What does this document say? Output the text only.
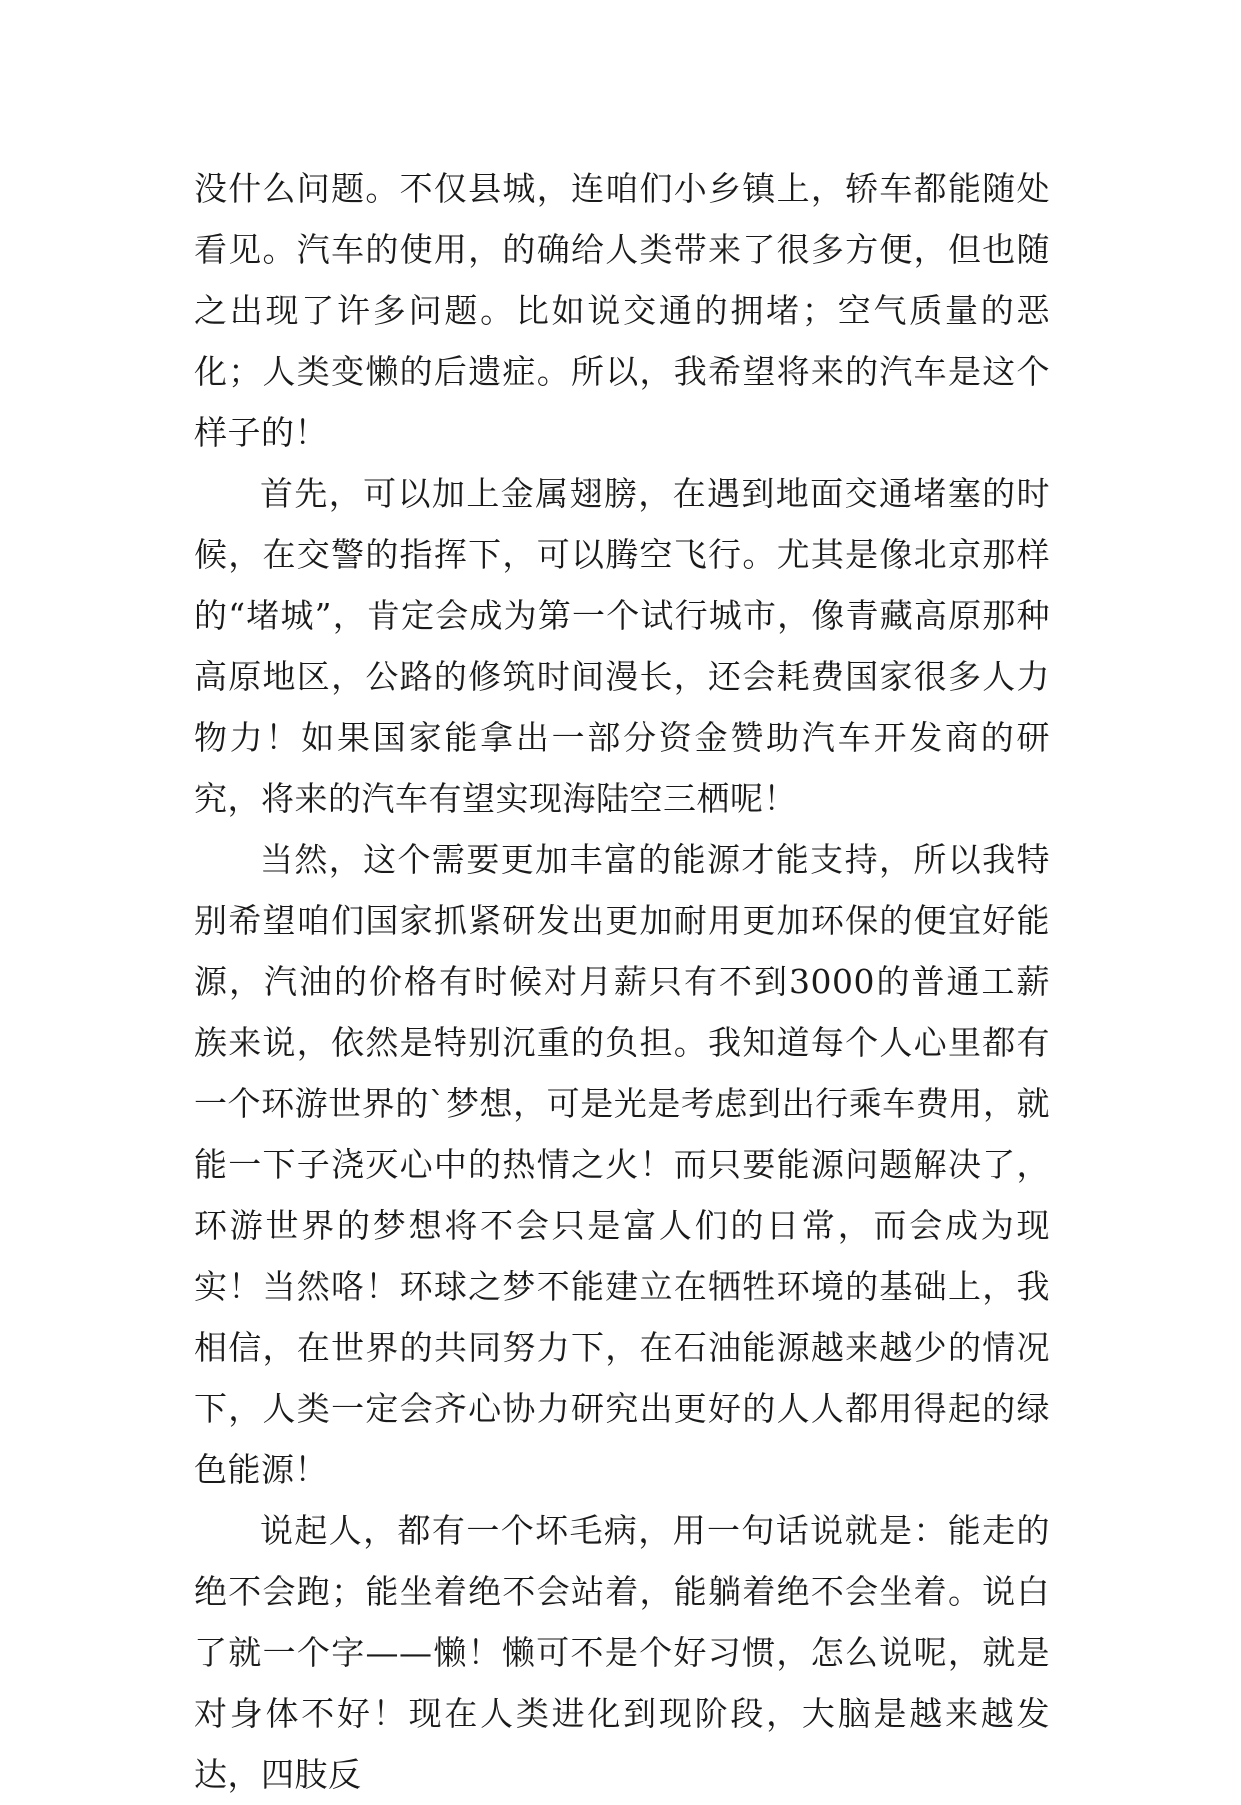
没什么问题。不仅县城，连咱们小乡镇上，轿车都能随处看见。汽车的使用，的确给人类带来了很多方便，但也随之出现了许多问题。比如说交通的拥堵；空气质量的恶化；人类变懒的后遗症。所以，我希望将来的汽车是这个样子的！

首先，可以加上金属翅膀，在遇到地面交通堵塞的时候，在交警的指挥下，可以腾空飞行。尤其是像北京那样的“堵城”，肯定会成为第一个试行城市，像青藏高原那种高原地区，公路的修筑时间漫长，还会耗费国家很多人力物力！如果国家能拿出一部分资金赞助汽车开发商的研究，将来的汽车有望实现海陆空三栖呢！

当然，这个需要更加丰富的能源才能支持，所以我特别希望咱们国家抓紧研发出更加耐用更加环保的便宜好能源，汽油的价格有时候对月薪只有不到3000的普通工薪族来说，依然是特别沉重的负担。我知道每个人心里都有一个环游世界的`梦想，可是光是考虑到出行乘车费用，就能一下子浇灭心中的热情之火！而只要能源问题解决了，环游世界的梦想将不会只是富人们的日常，而会成为现实！当然咯！环球之梦不能建立在牺牲环境的基础上，我相信，在世界的共同努力下，在石油能源越来越少的情况下，人类一定会齐心协力研究出更好的人人都用得起的绿色能源！

说起人，都有一个坏毛病，用一句话说就是：能走的绝不会跑；能坐着绝不会站着，能躺着绝不会坐着。说白了就一个字——懒！懒可不是个好习惯，怎么说呢，就是对身体不好！现在人类进化到现阶段，大脑是越来越发达，四肢反
